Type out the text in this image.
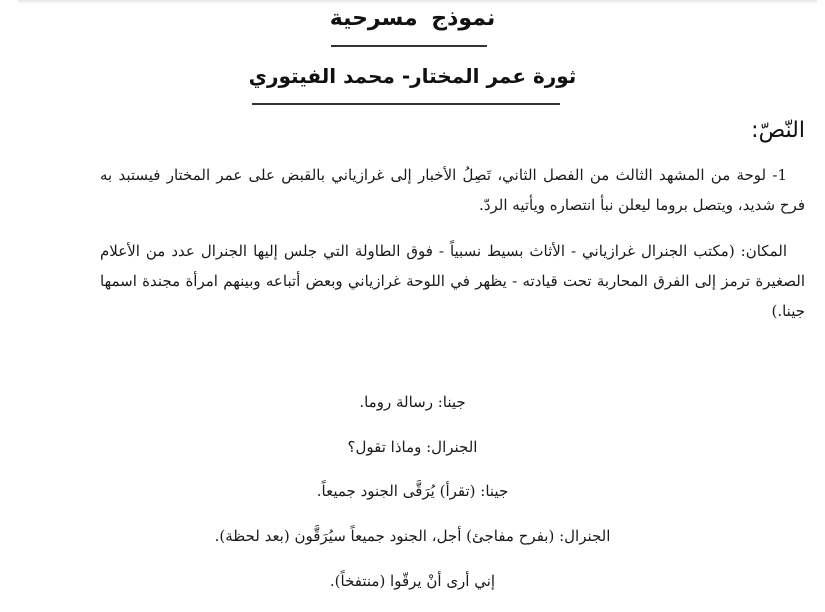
نموذج مسرحية
ثورة عمر المختار- محمد الفيتوري
النّصّ:

1- لوحة من المشهد الثالث من الفصل الثاني، تَصِلُ الأخبار إلى غرازياني بالقبض على عمر المختار فيستبد به فرح شديد، ويتصل بروما ليعلن نبأ انتصاره ويأتيه الردّ.

المكان: (مكتب الجنرال غرازياني - الأثاث بسيط نسبياً - فوق الطاولة التي جلس إليها الجنرال عدد من الأعلام الصغيرة ترمز إلى الفرق المحاربة تحت قيادته - يظهر في اللوحة غرازياني وبعض أتباعه وبينهم امرأة مجندة اسمها جينا.)

جينا: رسالة روما.
الجنرال: وماذا تقول؟
جينا: (تقرأ) يُرَقَّى الجنود جميعاً.
الجنرال: (بفرح مفاجئ) أجل، الجنود جميعاً سيُرَقَّون (بعد لحظة).
إني أرى أنْ يرقّوا (منتفخاً).
